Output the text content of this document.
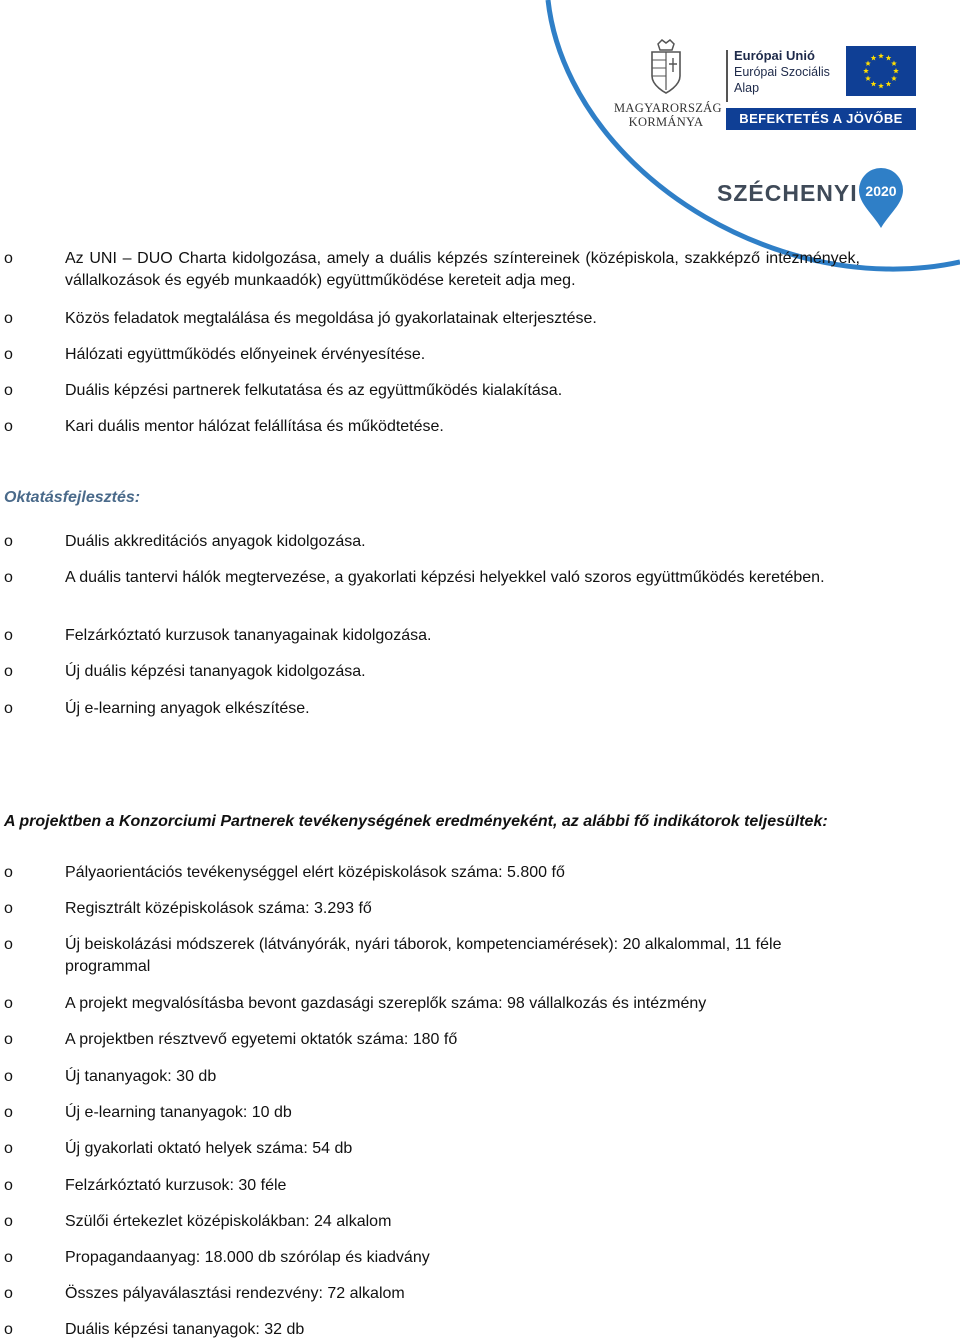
MAGYARORSZÁG
KORMÁNYA
Európai Unió
Európai Szociális
Alap
BEFEKTETÉS A JÖVŐBE
SZÉCHENYI 2020
o	Az UNI – DUO Charta kidolgozása, amely a duális képzés színtereinek (középiskola, szakképző intézmények, vállalkozások és egyéb munkaadók) együttműködése kereteit adja meg.
o	Közös feladatok megtalálása és megoldása jó gyakorlatainak elterjesztése.
o	Hálózati együttműködés előnyeinek érvényesítése.
o	Duális képzési partnerek felkutatása és az együttműködés kialakítása.
o	Kari duális mentor hálózat felállítása és működtetése.
Oktatásfejlesztés:
o	Duális akkreditációs anyagok kidolgozása.
o	A duális tantervi hálók megtervezése, a gyakorlati képzési helyekkel való szoros együttműködés keretében.
o	Felzárkóztató kurzusok tananyagainak kidolgozása.
o	Új duális képzési tananyagok kidolgozása.
o	Új e-learning anyagok elkészítése.
A projektben a Konzorciumi Partnerek tevékenységének eredményeként, az alábbi fő indikátorok teljesültek:
o	Pályaorientációs tevékenységgel elért középiskolások száma: 5.800 fő
o	Regisztrált középiskolások száma: 3.293 fő
o	Új beiskolázási módszerek (látványórák, nyári táborok, kompetenciamérések): 20 alkalommal, 11 féle programmal
o	A projekt megvalósításba bevont gazdasági szereplők száma: 98 vállalkozás és intézmény
o	A projektben résztvevő egyetemi oktatók száma: 180 fő
o	Új tananyagok: 30 db
o	Új e-learning tananyagok: 10 db
o	Új gyakorlati oktató helyek száma: 54 db
o	Felzárkóztató kurzusok: 30 féle
o	Szülői értekezlet középiskolákban: 24 alkalom
o	Propagandaanyag: 18.000 db szórólap és kiadvány
o	Összes pályaválasztási rendezvény: 72 alkalom
o	Duális képzési tananyagok: 32 db
